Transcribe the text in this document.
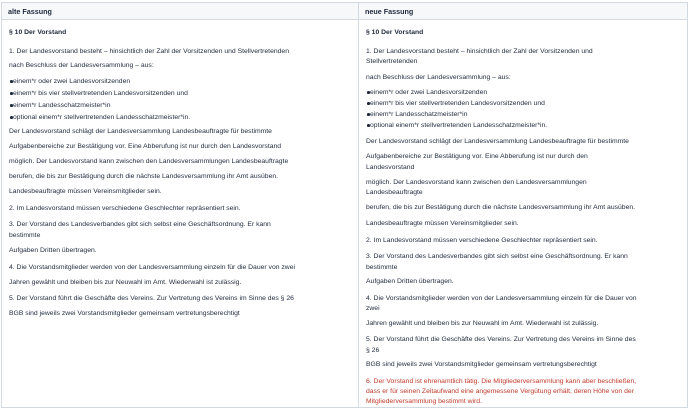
alte Fassung
§ 10 Der Vorstand
1. Der Landesvorstand besteht – hinsichtlich der Zahl der Vorsitzenden und Stellvertretenden
nach Beschluss der Landesversammlung – aus:
einem*r oder zwei Landesvorsitzenden
einem*r bis vier stellvertretenden Landesvorsitzenden und
einem*r Landesschatzmeister*in
optional einem*r stellvertretenden Landesschatzmeister*in.
Der Landesvorstand schlägt der Landesversammlung Landesbeauftragte für bestimmte
Aufgabenbereiche zur Bestätigung vor. Eine Abberufung ist nur durch den Landesvorstand
möglich. Der Landesvorstand kann zwischen den Landesversammlungen Landesbeauftragte
berufen, die bis zur Bestätigung durch die nächste Landesversammlung ihr Amt ausüben.
Landesbeauftragte müssen Vereinsmitglieder sein.
2. Im Landesvorstand müssen verschiedene Geschlechter repräsentiert sein.
3. Der Vorstand des Landesverbandes gibt sich selbst eine Geschäftsordnung. Er kann
bestimmte
Aufgaben Dritten übertragen.
4. Die Vorstandsmitglieder werden von der Landesversammlung einzeln für die Dauer von zwei
Jahren gewählt und bleiben bis zur Neuwahl im Amt. Wiederwahl ist zulässig.
5. Der Vorstand führt die Geschäfte des Vereins. Zur Vertretung des Vereins im Sinne des § 26
BGB sind jeweils zwei Vorstandsmitglieder gemeinsam vertretungsberechtigt
neue Fassung
§ 10 Der Vorstand
1. Der Landesvorstand besteht – hinsichtlich der Zahl der Vorsitzenden und
Stellvertretenden
nach Beschluss der Landesversammlung – aus:
einem*r oder zwei Landesvorsitzenden
einem*r bis vier stellvertretenden Landesvorsitzenden und
einem*r Landesschatzmeister*in
optional einem*r stellvertretenden Landesschatzmeister*in.
Der Landesvorstand schlägt der Landesversammlung Landesbeauftragte für bestimmte
Aufgabenbereiche zur Bestätigung vor. Eine Abberufung ist nur durch den
Landesvorstand
möglich. Der Landesvorstand kann zwischen den Landesversammlungen
Landesbeauftragte
berufen, die bis zur Bestätigung durch die nächste Landesversammlung ihr Amt ausüben.
Landesbeauftragte müssen Vereinsmitglieder sein.
2. Im Landesvorstand müssen verschiedene Geschlechter repräsentiert sein.
3. Der Vorstand des Landesverbandes gibt sich selbst eine Geschäftsordnung. Er kann
bestimmte
Aufgaben Dritten übertragen.
4. Die Vorstandsmitglieder werden von der Landesversammlung einzeln für die Dauer von
zwei
Jahren gewählt und bleiben bis zur Neuwahl im Amt. Wiederwahl ist zulässig.
5. Der Vorstand führt die Geschäfte des Vereins. Zur Vertretung des Vereins im Sinne des
§ 26
BGB sind jeweils zwei Vorstandsmitglieder gemeinsam vertretungsberechtigt
6. Der Vorstand ist ehrenamtlich tätig. Die Mitgliederversammlung kann aber beschließen,
dass er für seinen Zeitaufwand eine angemessene Vergütung erhält, deren Höhe von der
Mitgliederversammlung bestimmt wird.
